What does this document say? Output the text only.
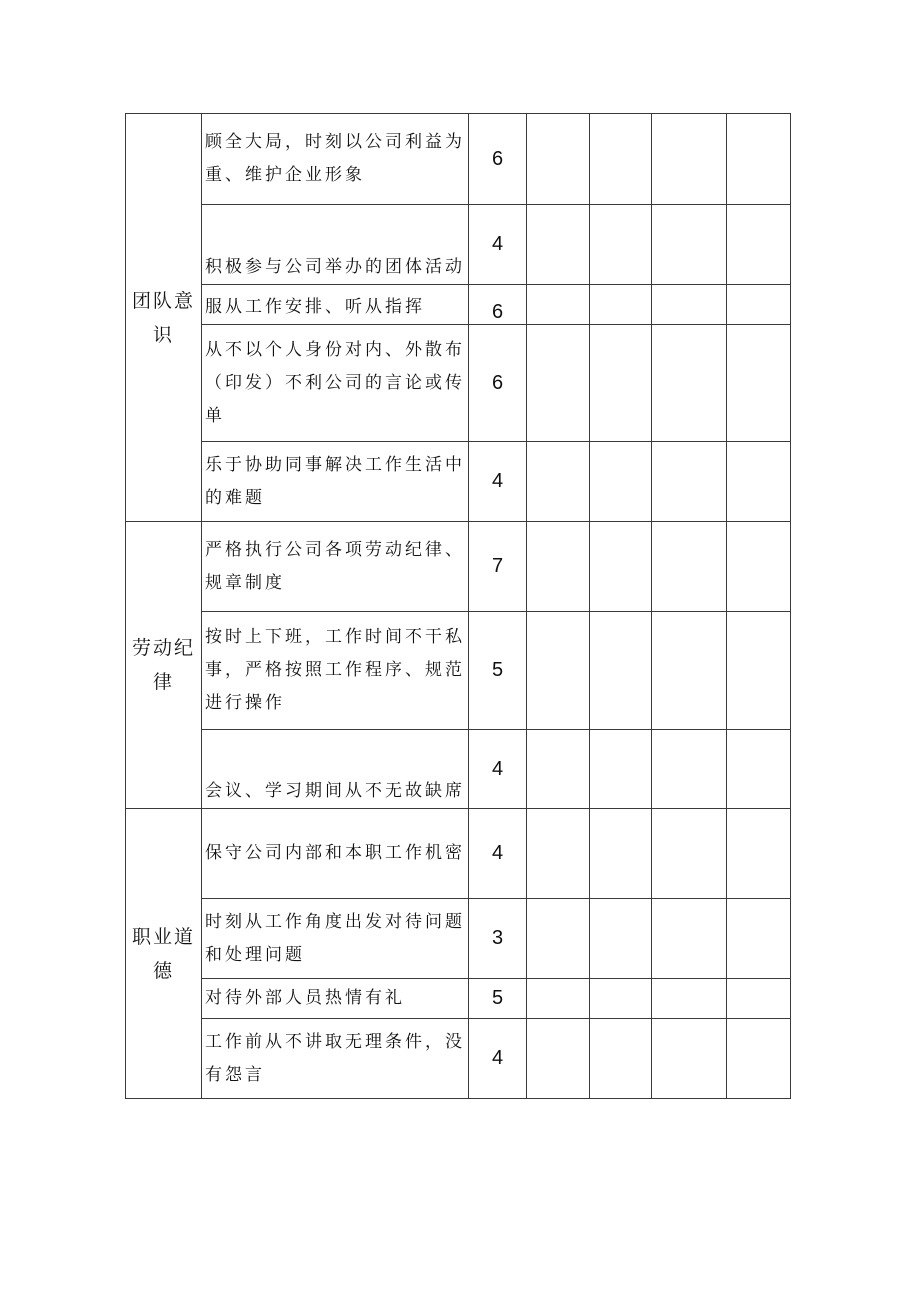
团队意识	顾全大局，时刻以公司利益为重、维护企业形象	6				
	积极参与公司举办的团体活动	4				
	服从工作安排、听从指挥	6				
	从不以个人身份对内、外散布（印发）不利公司的言论或传单	6				
	乐于协助同事解决工作生活中的难题	4				

劳动纪律	严格执行公司各项劳动纪律、规章制度	7				
	按时上下班，工作时间不干私事，严格按照工作程序、规范进行操作	5				
	会议、学习期间从不无故缺席	4				

职业道德	保守公司内部和本职工作机密	4				
	时刻从工作角度出发对待问题和处理问题	3				
	对待外部人员热情有礼	5				
	工作前从不讲取无理条件，没有怨言	4				
